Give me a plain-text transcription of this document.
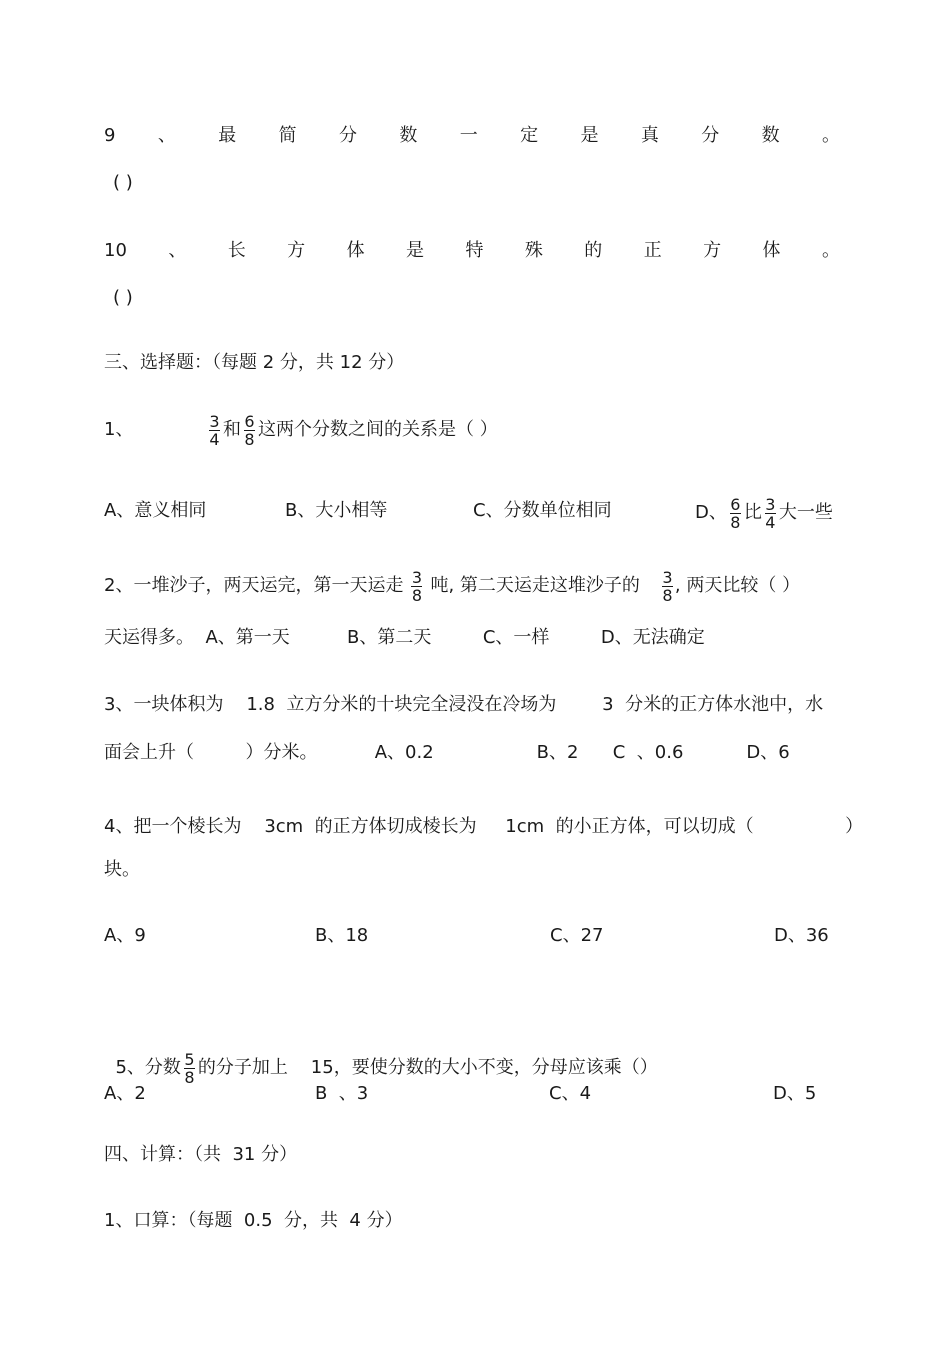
9 、 最 简 分 数 一 定 是 真 分 数 。
( )
10 、 长 方 体 是 特 殊 的 正 方 体 。
( )
三、选择题：（每题 2 分，共 12 分）
1、	$\frac{3}{4}$ 和 $\frac{6}{8}$ 这两个分数之间的关系是（ ）
A、意义相同	B、大小相等	C、分数单位相同	D、 $\frac{6}{8}$ 比 $\frac{3}{4}$ 大一些
2、一堆沙子，两天运完，第一天运走 $\frac{3}{8}$ 吨, 第二天运走这堆沙子的 $\frac{3}{8}$ , 两天比较（ ）
天运得多。  A、第一天          B、第二天         C、一样         D、无法确定
3、一块体积为    1.8  立方分米的十块完全浸没在冷场为        3  分米的正方体水池中，水
面会上升（         ）分米。          A、0.2                  B、2      C  、0.6           D、6
4、把一个棱长为    3cm  的正方体切成棱长为     1cm  的小正方体，可以切成（                ）
块。
A、9	B、18	C、27	D、36

5、分数 $\frac{5}{8}$ 的分子加上    15，要使分数的大小不变，分母应该乘（）

A、2	B  、3	C、4	D、5
四、计算：（共  31 分）
1、口算：（每题  0.5  分，共  4 分）
